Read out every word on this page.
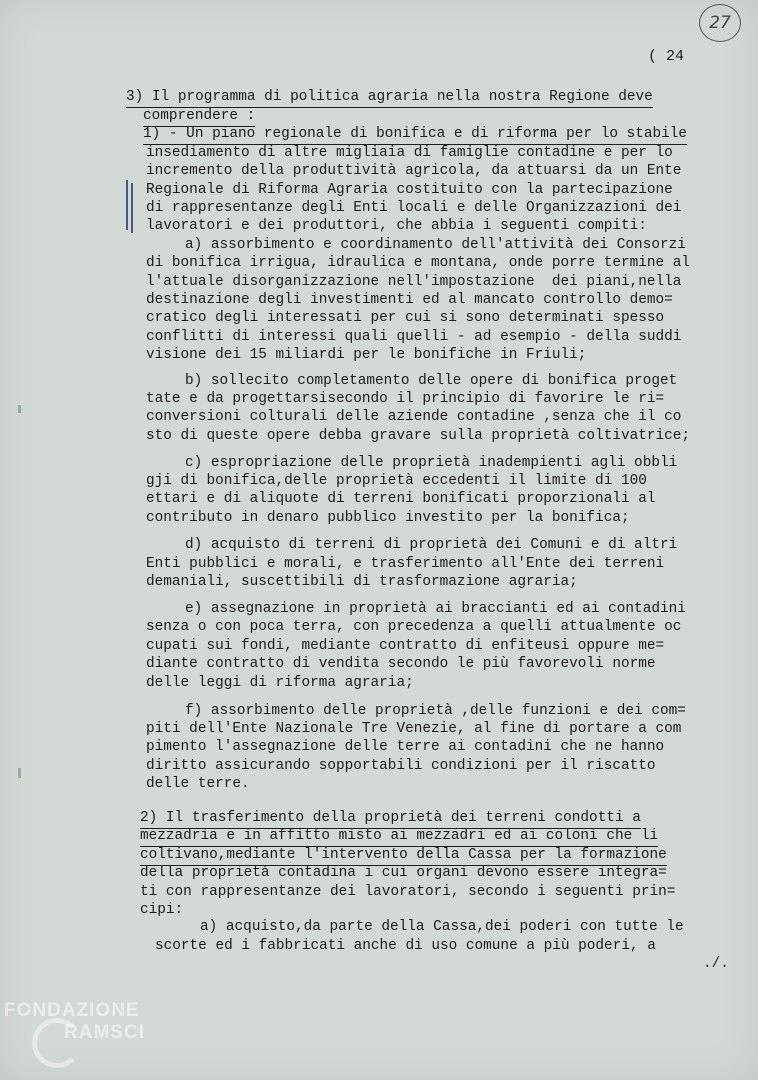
27
( 24
3) Il programma di politica agraria nella nostra Regione deve
comprendere :
1) - Un piano regionale di bonifica e di riforma per lo stabile
insediamento di altre migliaia di famiglie contadine e per lo
incremento della produttività agricola, da attuarsi da un Ente
Regionale di Riforma Agraria costituito con la partecipazione
di rappresentanze degli Enti locali e delle Organizzazioni dei
lavoratori e dei produttori, che abbia i seguenti compiti:
a) assorbimento e coordinamento dell'attività dei Consorzi
di bonifica irrigua, idraulica e montana, onde porre termine al
l'attuale disorganizzazione nell'impostazione  dei piani,nella
destinazione degli investimenti ed al mancato controllo demo=
cratico degli interessati per cui si sono determinati spesso
conflitti di interessi quali quelli - ad esempio - della suddi
visione dei 15 miliardi per le bonifiche in Friuli;
b) sollecito completamento delle opere di bonifica proget
tate e da progettarsisecondo il principio di favorire le ri=
conversioni colturali delle aziende contadine ,senza che il co
sto di queste opere debba gravare sulla proprietà coltivatrice;
c) espropriazione delle proprietà inadempienti agli obbli
gji di bonifica,delle proprietà eccedenti il limite di 100
ettari e di aliquote di terreni bonificati proporzionali al
contributo in denaro pubblico investito per la bonifica;
d) acquisto di terreni di proprietà dei Comuni e di altri
Enti pubblici e morali, e trasferimento all'Ente dei terreni
demaniali, suscettibili di trasformazione agraria;
e) assegnazione in proprietà ai braccianti ed ai contadini
senza o con poca terra, con precedenza a quelli attualmente oc
cupati sui fondi, mediante contratto di enfiteusi oppure me=
diante contratto di vendita secondo le più favorevoli norme
delle leggi di riforma agraria;
f) assorbimento delle proprietà ,delle funzioni e dei com=
piti dell'Ente Nazionale Tre Venezie, al fine di portare a com
pimento l'assegnazione delle terre ai contadini che ne hanno
diritto assicurando sopportabili condizioni per il riscatto
delle terre.
2) Il trasferimento della proprietà dei terreni condotti a
mezzadria e in affitto misto ai mezzadri ed ai coloni che li
coltivano,mediante l'intervento della Cassa per la formazione
della proprietà contadina i cui organi devono essere integra=
ti con rappresentanze dei lavoratori, secondo i seguenti prin=
cipi:
a) acquisto,da parte della Cassa,dei poderi con tutte le
scorte ed i fabbricati anche di uso comune a più poderi, a
./.
FONDAZIONE
RAMSCI
